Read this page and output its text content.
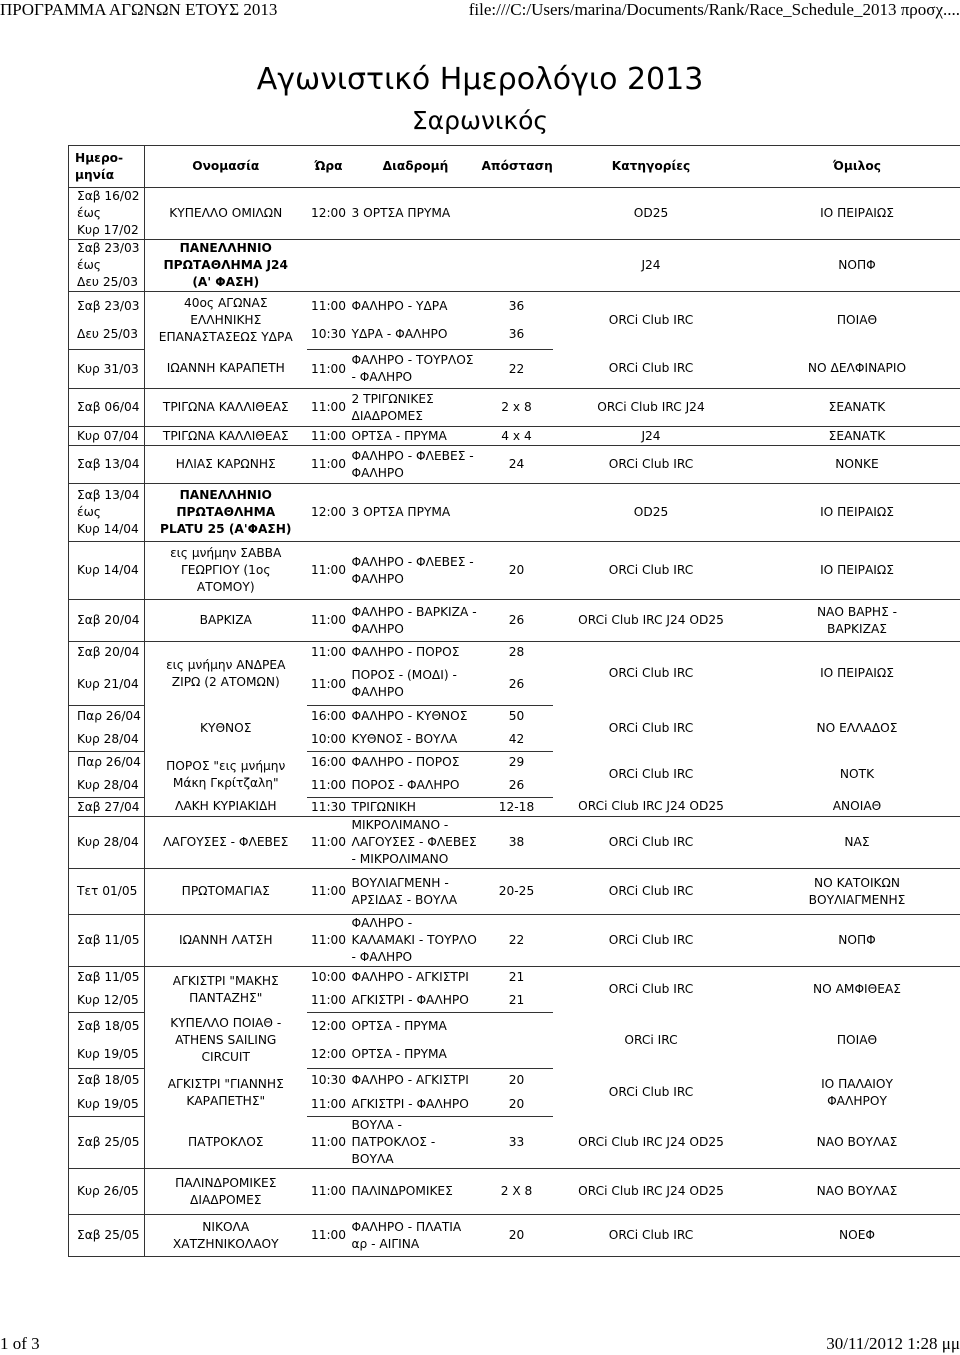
ΠΡΟΓΡΑΜΜΑ ΑΓΩΝΩΝ ΕΤΟΥΣ 2013	file:///C:/Users/marina/Documents/Rank/Race_Schedule_2013 προσχ....
Αγωνιστικό Ημερολόγιο 2013
Σαρωνικός
Ημερο-
μηνία	Ονομασία	Ώρα	Διαδρομή	Απόσταση	Κατηγορίες	Όμιλος
Σαβ 16/02
έως
Κυρ 17/02	ΚΥΠΕΛΛΟ ΟΜΙΛΩΝ	12:00	3 ΟΡΤΣΑ ΠΡΥΜΑ		OD25	ΙΟ ΠΕΙΡΑΙΩΣ
Σαβ 23/03
έως
Δευ 25/03	ΠΑΝΕΛΛΗΝΙΟ
ΠΡΩΤΑΘΛΗΜΑ J24
(Α' ΦΑΣΗ)				J24	ΝΟΠΦ
Σαβ 23/03	40ος ΑΓΩΝΑΣ
ΕΛΛΗΝΙΚΗΣ
ΕΠΑΝΑΣΤΑΣΕΩΣ ΥΔΡΑ	11:00	ΦΑΛΗΡΟ - ΥΔΡΑ	36	ORCi Club IRC	ΠΟΙΑΘ
Δευ 25/03		10:30	ΥΔΡΑ - ΦΑΛΗΡΟ	36		
Κυρ 31/03	ΙΩΑΝΝΗ ΚΑΡΑΠΕΤΗ	11:00	ΦΑΛΗΡΟ - ΤΟΥΡΛΟΣ
- ΦΑΛΗΡΟ	22	ORCi Club IRC	ΝΟ ΔΕΛΦΙΝΑΡΙΟ
Σαβ 06/04	ΤΡΙΓΩΝΑ ΚΑΛΛΙΘΕΑΣ	11:00	2 ΤΡΙΓΩΝΙΚΕΣ
ΔΙΑΔΡΟΜΕΣ	2 x 8	ORCi Club IRC J24	ΣΕΑΝΑΤΚ
Κυρ 07/04	ΤΡΙΓΩΝΑ ΚΑΛΛΙΘΕΑΣ	11:00	ΟΡΤΣΑ - ΠΡΥΜΑ	4 x 4	J24	ΣΕΑΝΑΤΚ
Σαβ 13/04	ΗΛΙΑΣ ΚΑΡΩΝΗΣ	11:00	ΦΑΛΗΡΟ - ΦΛΕΒΕΣ -
ΦΑΛΗΡΟ	24	ORCi Club IRC	ΝΟΝΚΕ
Σαβ 13/04
έως
Κυρ 14/04	ΠΑΝΕΛΛΗΝΙΟ
ΠΡΩΤΑΘΛΗΜΑ
PLATU 25 (Α'ΦΑΣΗ)	12:00	3 ΟΡΤΣΑ ΠΡΥΜΑ		OD25	ΙΟ ΠΕΙΡΑΙΩΣ
Κυρ 14/04	εις μνήμην ΣΑΒΒΑ
ΓΕΩΡΓΙΟΥ (1ος
ΑΤΟΜΟΥ)	11:00	ΦΑΛΗΡΟ - ΦΛΕΒΕΣ -
ΦΑΛΗΡΟ	20	ORCi Club IRC	ΙΟ ΠΕΙΡΑΙΩΣ
Σαβ 20/04	ΒΑΡΚΙΖΑ	11:00	ΦΑΛΗΡΟ - ΒΑΡΚΙΖΑ -
ΦΑΛΗΡΟ	26	ORCi Club IRC J24 OD25	ΝΑΟ ΒΑΡΗΣ -
ΒΑΡΚΙΖΑΣ
Σαβ 20/04	εις μνήμην ΑΝΔΡΕΑ
ΖΙΡΩ (2 ΑΤΟΜΩΝ)	11:00	ΦΑΛΗΡΟ - ΠΟΡΟΣ	28	ORCi Club IRC	ΙΟ ΠΕΙΡΑΙΩΣ
Κυρ 21/04		11:00	ΠΟΡΟΣ - (ΜΟΔΙ) -
ΦΑΛΗΡΟ	26		
Παρ 26/04	ΚΥΘΝΟΣ	16:00	ΦΑΛΗΡΟ - ΚΥΘΝΟΣ	50	ORCi Club IRC	ΝΟ ΕΛΛΑΔΟΣ
Κυρ 28/04		10:00	ΚΥΘΝΟΣ - ΒΟΥΛΑ	42		
Παρ 26/04	ΠΟΡΟΣ "εις μνήμην
Μάκη Γκρίτζαλη"	16:00	ΦΑΛΗΡΟ - ΠΟΡΟΣ	29	ORCi Club IRC	ΝΟΤΚ
Κυρ 28/04		11:00	ΠΟΡΟΣ - ΦΑΛΗΡΟ	26		
Σαβ 27/04	ΛΑΚΗ ΚΥΡΙΑΚΙΔΗ	11:30	ΤΡΙΓΩΝΙΚΗ	12-18	ORCi Club IRC J24 OD25	ΑΝΟΙΑΘ
Κυρ 28/04	ΛΑΓΟΥΣΕΣ - ΦΛΕΒΕΣ	11:00	ΜΙΚΡΟΛΙΜΑΝΟ -
ΛΑΓΟΥΣΕΣ - ΦΛΕΒΕΣ
- ΜΙΚΡΟΛΙΜΑΝΟ	38	ORCi Club IRC	ΝΑΣ
Τετ 01/05	ΠΡΩΤΟΜΑΓΙΑΣ	11:00	ΒΟΥΛΙΑΓΜΕΝΗ -
ΑΡΣΙΔΑΣ - ΒΟΥΛΑ	20-25	ORCi Club IRC	ΝΟ ΚΑΤΟΙΚΩΝ
ΒΟΥΛΙΑΓΜΕΝΗΣ
Σαβ 11/05	ΙΩΑΝΝΗ ΛΑΤΣΗ	11:00	ΦΑΛΗΡΟ -
ΚΑΛΑΜΑΚΙ - ΤΟΥΡΛΟ
- ΦΑΛΗΡΟ	22	ORCi Club IRC	ΝΟΠΦ
Σαβ 11/05	ΑΓΚΙΣΤΡΙ "ΜΑΚΗΣ
ΠΑΝΤΑΖΗΣ"	10:00	ΦΑΛΗΡΟ - ΑΓΚΙΣΤΡΙ	21	ORCi Club IRC	ΝΟ ΑΜΦΙΘΕΑΣ
Κυρ 12/05		11:00	ΑΓΚΙΣΤΡΙ - ΦΑΛΗΡΟ	21		
Σαβ 18/05	ΚΥΠΕΛΛΟ ΠΟΙΑΘ -
ATHENS SAILING
CIRCUIT	12:00	ΟΡΤΣΑ - ΠΡΥΜΑ		ORCi IRC	ΠΟΙΑΘ
Κυρ 19/05		12:00	ΟΡΤΣΑ - ΠΡΥΜΑ			
Σαβ 18/05	ΑΓΚΙΣΤΡΙ "ΓΙΑΝΝΗΣ
ΚΑΡΑΠΕΤΗΣ"	10:30	ΦΑΛΗΡΟ - ΑΓΚΙΣΤΡΙ	20	ORCi Club IRC	ΙΟ ΠΑΛΑΙΟΥ
ΦΑΛΗΡΟΥ
Κυρ 19/05		11:00	ΑΓΚΙΣΤΡΙ - ΦΑΛΗΡΟ	20		
Σαβ 25/05	ΠΑΤΡΟΚΛΟΣ	11:00	ΒΟΥΛΑ -
ΠΑΤΡΟΚΛΟΣ -
ΒΟΥΛΑ	33	ORCi Club IRC J24 OD25	ΝΑΟ ΒΟΥΛΑΣ
Κυρ 26/05	ΠΑΛΙΝΔΡΟΜΙΚΕΣ
ΔΙΑΔΡΟΜΕΣ	11:00	ΠΑΛΙΝΔΡΟΜΙΚΕΣ	2 X 8	ORCi Club IRC J24 OD25	ΝΑΟ ΒΟΥΛΑΣ
Σαβ 25/05	ΝΙΚΟΛΑ
ΧΑΤΖΗΝΙΚΟΛΑΟΥ	11:00	ΦΑΛΗΡΟ - ΠΛΑΤΙΑ
αρ - ΑΙΓΙΝΑ	20	ORCi Club IRC	ΝΟΕΦ
1 of 3	30/11/2012 1:28 μμ
